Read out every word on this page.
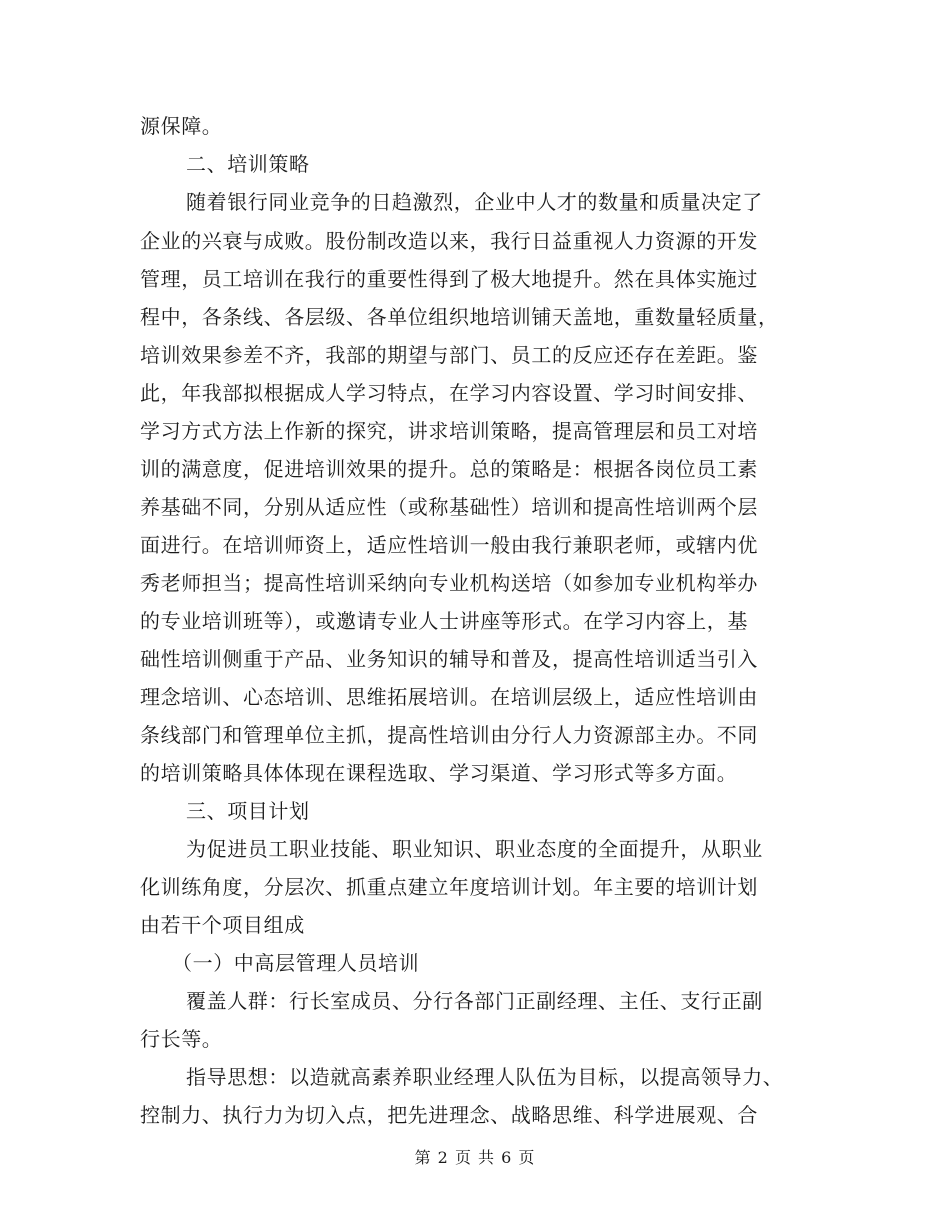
源保障。
二、培训策略
随着银行同业竞争的日趋激烈，企业中人才的数量和质量决定了
企业的兴衰与成败。股份制改造以来，我行日益重视人力资源的开发
管理，员工培训在我行的重要性得到了极大地提升。然在具体实施过
程中，各条线、各层级、各单位组织地培训铺天盖地，重数量轻质量，
培训效果参差不齐，我部的期望与部门、员工的反应还存在差距。鉴
此，年我部拟根据成人学习特点，在学习内容设置、学习时间安排、
学习方式方法上作新的探究，讲求培训策略，提高管理层和员工对培
训的满意度，促进培训效果的提升。总的策略是：根据各岗位员工素
养基础不同，分别从适应性（或称基础性）培训和提高性培训两个层
面进行。在培训师资上，适应性培训一般由我行兼职老师，或辖内优
秀老师担当；提高性培训采纳向专业机构送培（如参加专业机构举办
的专业培训班等），或邀请专业人士讲座等形式。在学习内容上，基
础性培训侧重于产品、业务知识的辅导和普及，提高性培训适当引入
理念培训、心态培训、思维拓展培训。在培训层级上，适应性培训由
条线部门和管理单位主抓，提高性培训由分行人力资源部主办。不同
的培训策略具体体现在课程选取、学习渠道、学习形式等多方面。
三、项目计划
为促进员工职业技能、职业知识、职业态度的全面提升，从职业
化训练角度，分层次、抓重点建立年度培训计划。年主要的培训计划
由若干个项目组成
（一）中高层管理人员培训
覆盖人群：行长室成员、分行各部门正副经理、主任、支行正副
行长等。
指导思想：以造就高素养职业经理人队伍为目标，以提高领导力、
控制力、执行力为切入点，把先进理念、战略思维、科学进展观、合
第 2 页 共 6 页
